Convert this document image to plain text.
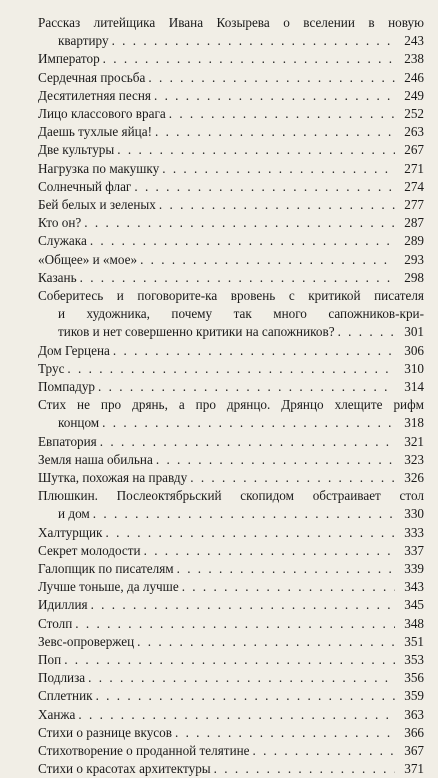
Рассказ литейщика Ивана Козырева о вселении в новую
квартиру . . .	243
Император . . .	238
Сердечная просьба . . .	246
Десятилетняя песня . . .	249
Лицо классового врага . . .	252
Даешь тухлые яйца! . . .	263
Две культуры . . .	267
Нагрузка по макушку . . .	271
Солнечный флаг . . .	274
Бей белых и зеленых . . .	277
Кто он? . . .	287
Служака . . .	289
«Общее» и «мое» . . .	293
Казань . . .	298
Соберитесь и поговорите-ка вровень с критикой писателя
и художника, почему так много сапожников-кри-
тиков и нет совершенно критики на сапожников? . . .	301
Дом Герцена . . .	306
Трус . . .	310
Помпадур . . .	314
Стих не про дрянь, а про дрянцо. Дрянцо хлещите рифм
концом . . .	318
Евпатория . . .	321
Земля наша обильна . . .	323
Шутка, похожая на правду . . .	326
Плюшкин. Послеоктябрьский скопидом обстраивает стол
и дом . . .	330
Халтурщик . . .	333
Секрет молодости . . .	337
Галопщик по писателям . . .	339
Лучше тоньше, да лучше . . .	343
Идиллия . . .	345
Столп . . .	348
Зевс-опровержец . . .	351
Поп . . .	353
Подлиза . . .	356
Сплетник . . .	359
Ханжа . . .	363
Стихи о разнице вкусов . . .	366
Стихотворение о проданной телятине . . .	367
Стихи о красотах архитектуры . . .	371
